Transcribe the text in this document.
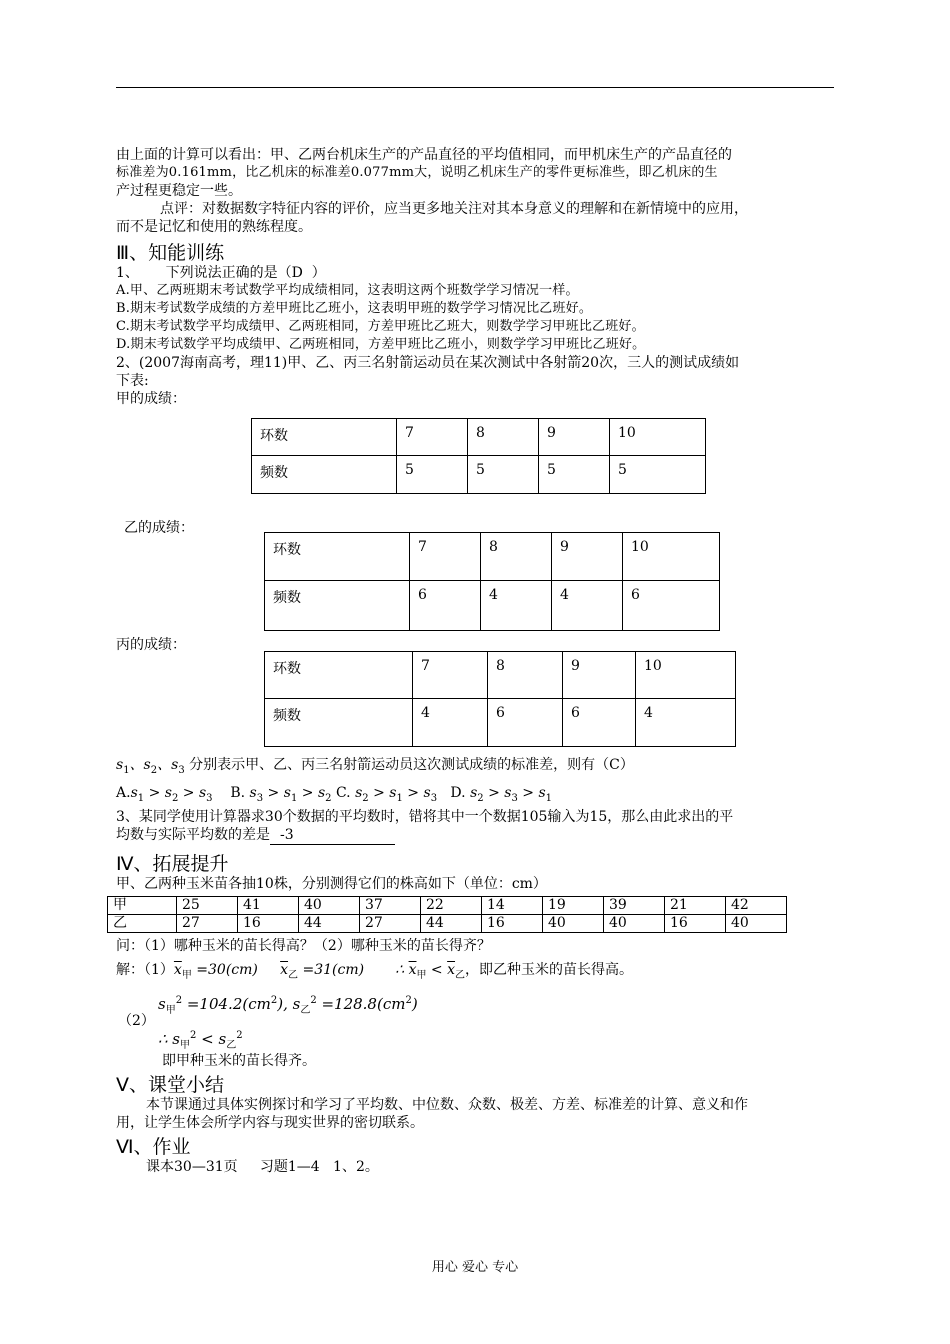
由上面的计算可以看出：甲、乙两台机床生产的产品直径的平均值相同，而甲机床生产的产品直径的

标准差为0.161mm，比乙机床的标准差0.077mm大，说明乙机床生产的零件更标准些，即乙机床的生

产过程更稳定一些。

点评：对数据数字特征内容的评价，应当更多地关注对其本身意义的理解和在新情境中的应用，

而不是记忆和使用的熟练程度。

Ⅲ、知能训练

1、      下列说法正确的是（D  ）

A.甲、乙两班期末考试数学平均成绩相同，这表明这两个班数学学习情况一样。

B.期末考试数学成绩的方差甲班比乙班小，这表明甲班的数学学习情况比乙班好。

C.期末考试数学平均成绩甲、乙两班相同，方差甲班比乙班大，则数学学习甲班比乙班好。

D.期末考试数学平均成绩甲、乙两班相同，方差甲班比乙班小，则数学学习甲班比乙班好。

2、(2007海南高考，理11)甲、乙、丙三名射箭运动员在某次测试中各射箭20次，三人的测试成绩如

下表:

甲的成绩：

环数	7	8	9	10
频数	5	5	5	5

乙的成绩：

环数	7	8	9	10
频数	6	4	4	6

丙的成绩：

环数	7	8	9	10
频数	4	6	6	4

$s_1$、$s_2$、$s_3$ 分别表示甲、乙、丙三名射箭运动员这次测试成绩的标准差，则有（C）

$A.s_1 > s_2 > s_3$ B. $s_3 > s_1 > s_2$ C. $s_2 > s_1 > s_3$ D. $s_2 > s_3 > s_1$

3、某同学使用计算器求30个数据的平均数时，错将其中一个数据105输入为15，那么由此求出的平

均数与实际平均数的差是 -3

Ⅳ、拓展提升

甲、乙两种玉米苗各抽10株，分别测得它们的株高如下（单位：cm）

甲	25	41	40	37	22	14	19	39	21	42
乙	27	16	44	27	44	16	40	40	16	40

问：（1）哪种玉米的苗长得高？（2）哪种玉米的苗长得齐？

解：$(1)\overline{x}_甲 =30(cm)$     $\overline{x}_乙 =31(cm)$       ∴ $\overline{x}_甲 < \overline{x}_乙$，即乙种玉米的苗长得高。

$s_甲^2 =104.2(cm^2)$, $s_乙^2 =128.8(cm^2)$

（2）

∴ $s_甲^2 < s_乙^2$

即甲种玉米的苗长得齐。

Ⅴ、课堂小结

本节课通过具体实例探讨和学习了平均数、中位数、众数、极差、方差、标准差的计算、意义和作

用，让学生体会所学内容与现实世界的密切联系。

Ⅵ、作业

课本30—31页     习题1—4   1、2。

用心 爱心 专心
